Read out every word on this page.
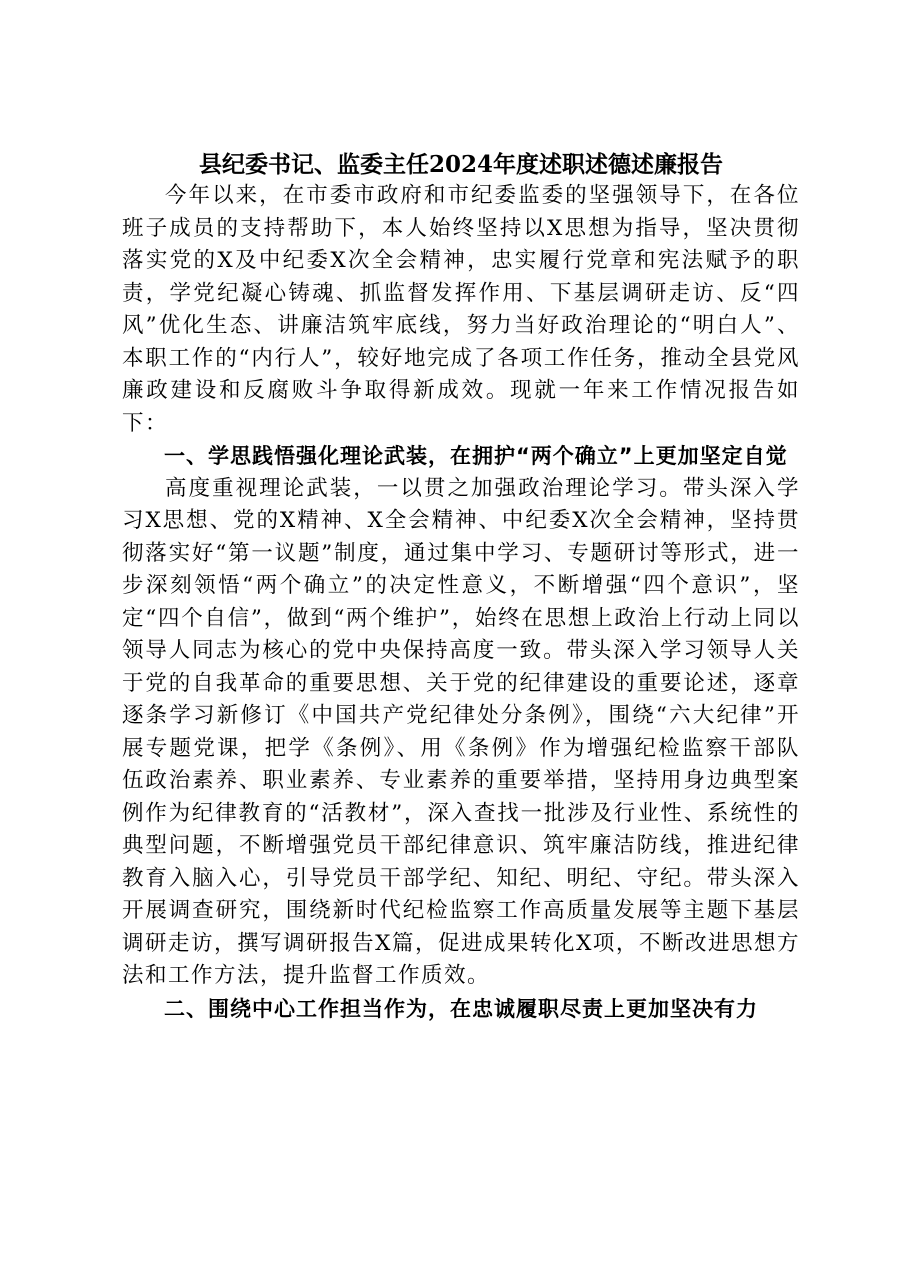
县纪委书记、监委主任2024年度述职述德述廉报告

今年以来，在市委市政府和市纪委监委的坚强领导下，在各位班子成员的支持帮助下，本人始终坚持以X思想为指导，坚决贯彻落实党的X及中纪委X次全会精神，忠实履行党章和宪法赋予的职责，学党纪凝心铸魂、抓监督发挥作用、下基层调研走访、反“四风”优化生态、讲廉洁筑牢底线，努力当好政治理论的“明白人”、本职工作的“内行人”，较好地完成了各项工作任务，推动全县党风廉政建设和反腐败斗争取得新成效。现就一年来工作情况报告如下：

一、学思践悟强化理论武装，在拥护“两个确立”上更加坚定自觉

高度重视理论武装，一以贯之加强政治理论学习。带头深入学习X思想、党的X精神、X全会精神、中纪委X次全会精神，坚持贯彻落实好“第一议题”制度，通过集中学习、专题研讨等形式，进一步深刻领悟“两个确立”的决定性意义，不断增强“四个意识”，坚定“四个自信”，做到“两个维护”，始终在思想上政治上行动上同以领导人同志为核心的党中央保持高度一致。带头深入学习领导人关于党的自我革命的重要思想、关于党的纪律建设的重要论述，逐章逐条学习新修订《中国共产党纪律处分条例》，围绕“六大纪律”开展专题党课，把学《条例》、用《条例》作为增强纪检监察干部队伍政治素养、职业素养、专业素养的重要举措，坚持用身边典型案例作为纪律教育的“活教材”，深入查找一批涉及行业性、系统性的典型问题，不断增强党员干部纪律意识、筑牢廉洁防线，推进纪律教育入脑入心，引导党员干部学纪、知纪、明纪、守纪。带头深入开展调查研究，围绕新时代纪检监察工作高质量发展等主题下基层调研走访，撰写调研报告X篇，促进成果转化X项，不断改进思想方法和工作方法，提升监督工作质效。

二、围绕中心工作担当作为，在忠诚履职尽责上更加坚决有力
